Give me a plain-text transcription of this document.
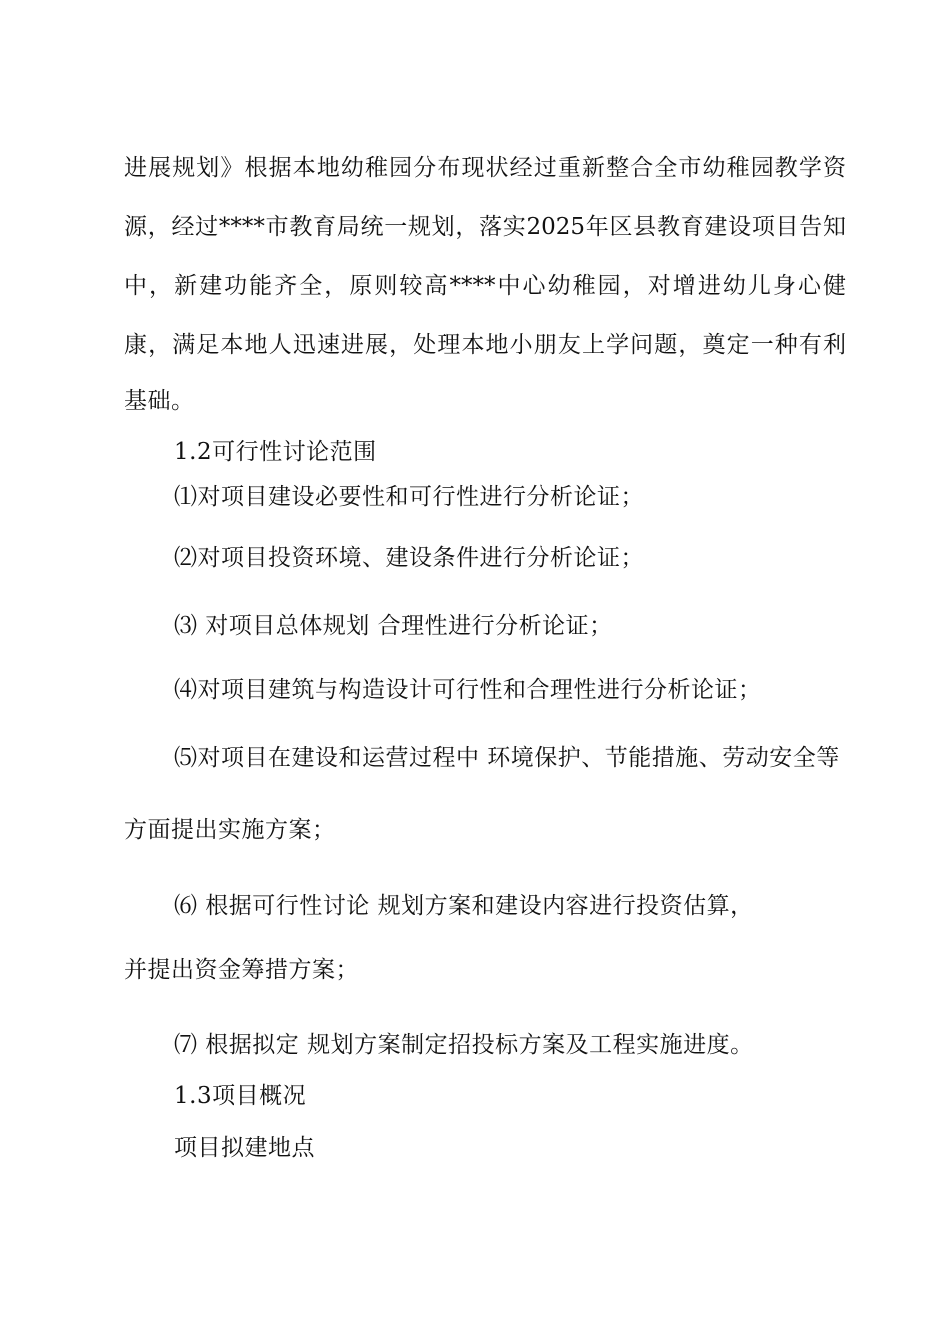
进展规划》根据本地幼稚园分布现状经过重新整合全市幼稚园教学资
源，经过****市教育局统一规划，落实2025年区县教育建设项目告知
中，新建功能齐全，原则较高****中心幼稚园，对增进幼儿身心健
康，满足本地人迅速进展，处理本地小朋友上学问题，奠定一种有利
基础。
1.2可行性讨论范围
⑴对项目建设必要性和可行性进行分析论证；
⑵对项目投资环境、建设条件进行分析论证；
⑶ 对项目总体规划 合理性进行分析论证；
⑷对项目建筑与构造设计可行性和合理性进行分析论证；
⑸对项目在建设和运营过程中 环境保护、节能措施、劳动安全等
方面提出实施方案；
⑹ 根据可行性讨论 规划方案和建设内容进行投资估算，
并提出资金筹措方案；
⑺ 根据拟定 规划方案制定招投标方案及工程实施进度。
1.3项目概况
项目拟建地点
